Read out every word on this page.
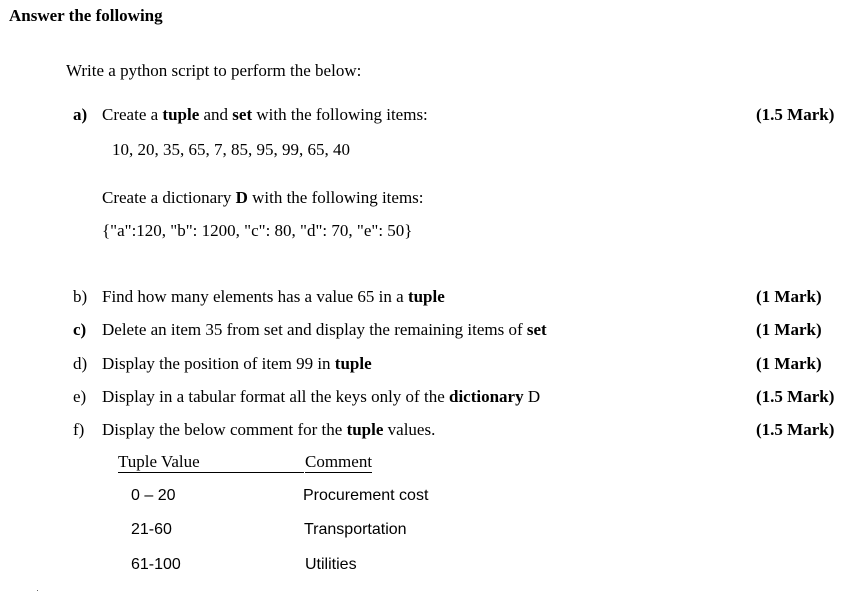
Answer the following
Write a python script to perform the below:
a) Create a tuple and set with the following items:	(1.5 Mark)
10, 20, 35, 65, 7, 85, 95, 99, 65, 40
Create a dictionary D with the following items:
{"a":120, "b": 1200, "c": 80, "d": 70, "e": 50}
b) Find how many elements has a value 65 in a tuple	(1 Mark)
c) Delete an item 35 from set and display the remaining items of set	(1 Mark)
d) Display the position of item 99 in tuple	(1 Mark)
e) Display in a tabular format all the keys only of the dictionary D	(1.5 Mark)
f)	Display the below comment for the tuple values.	(1.5 Mark)
Tuple Value	Comment
0 – 20	Procurement cost
21-60	Transportation
61-100	Utilities
